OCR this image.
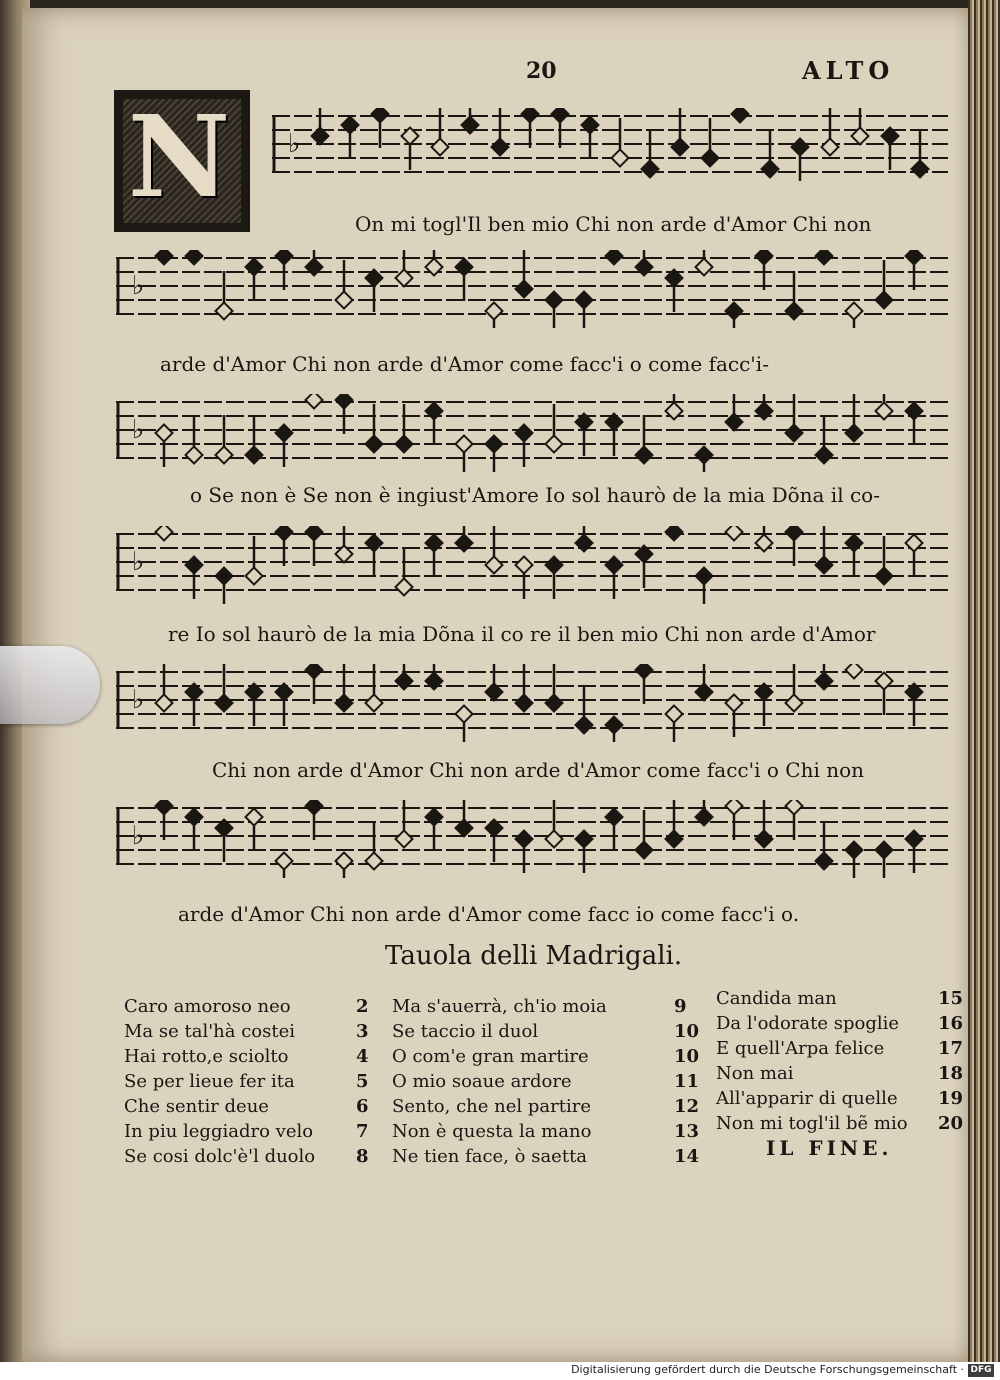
20	ALTO
N	♭
On mi togl'Il ben mio Chi non arde d'Amor Chi non
♭
arde d'Amor Chi non arde d'Amor come facc'i o come facc'i-
♭
o Se non è Se non è ingiust'Amore Io sol haurò de la mia Dõna il co-
♭
re Io sol haurò de la mia Dõna il co re il ben mio Chi non arde d'Amor
♭
Chi non arde d'Amor Chi non arde d'Amor come facc'i o Chi non
♭
arde d'Amor Chi non arde d'Amor come facc io come facc'i o.
Tauola delli Madrigali.
Caro amoroso neo	2
Ma se tal'hà costei	3
Hai rotto,e sciolto	4
Se per lieue fer ita	5
Che sentir deue	6
In piu leggiadro velo 7
Se cosi dolc'è'l duolo 8
Ma s'auerrà, ch'io moia	9
Se taccio il duol	10
O com'e gran martire	10
O mio soaue ardore	11
Sento, che nel partire	12
Non è questa la mano	13
Ne tien face, ò saetta	14
Candida man	15
Da l'odorate spoglie 16
E quell'Arpa felice	17
Non mai	18
All'apparir di quelle 19
Non mi togl'il bẽ mio 20
IL FINE.
Digitalisierung gefördert durch die Deutsche Forschungsgemeinschaft · DFG
